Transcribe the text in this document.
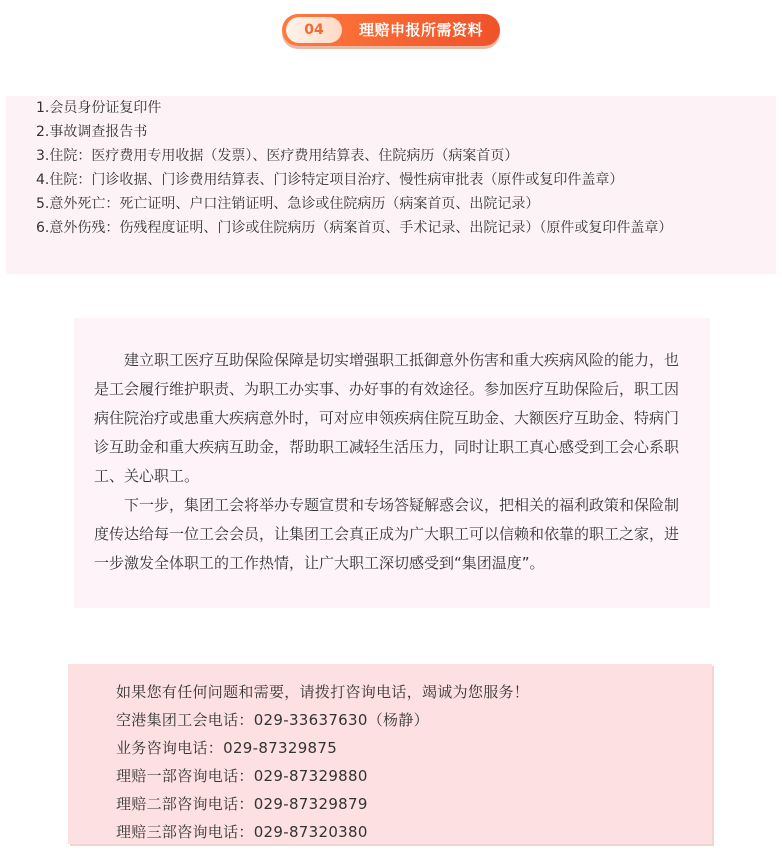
04	理赔申报所需资料
1.会员身份证复印件
2.事故调查报告书
3.住院：医疗费用专用收据（发票）、医疗费用结算表、住院病历（病案首页）
4.住院：门诊收据、门诊费用结算表、门诊特定项目治疗、慢性病审批表（原件或复印件盖章）
5.意外死亡：死亡证明、户口注销证明、急诊或住院病历（病案首页、出院记录）
6.意外伤残：伤残程度证明、门诊或住院病历（病案首页、手术记录、出院记录）（原件或复印件盖章）

建立职工医疗互助保险保障是切实增强职工抵御意外伤害和重大疾病风险的能力，也是工会履行维护职责、为职工办实事、办好事的有效途径。参加医疗互助保险后，职工因病住院治疗或患重大疾病意外时，可对应申领疾病住院互助金、大额医疗互助金、特病门诊互助金和重大疾病互助金，帮助职工减轻生活压力，同时让职工真心感受到工会心系职工、关心职工。

下一步，集团工会将举办专题宣贯和专场答疑解惑会议，把相关的福利政策和保险制度传达给每一位工会会员，让集团工会真正成为广大职工可以信赖和依靠的职工之家，进一步激发全体职工的工作热情，让广大职工深切感受到“集团温度”。

如果您有任何问题和需要，请拨打咨询电话，竭诚为您服务！
空港集团工会电话：029-33637630（杨静）
业务咨询电话：029-87329875
理赔一部咨询电话：029-87329880
理赔二部咨询电话：029-87329879
理赔三部咨询电话：029-87320380
